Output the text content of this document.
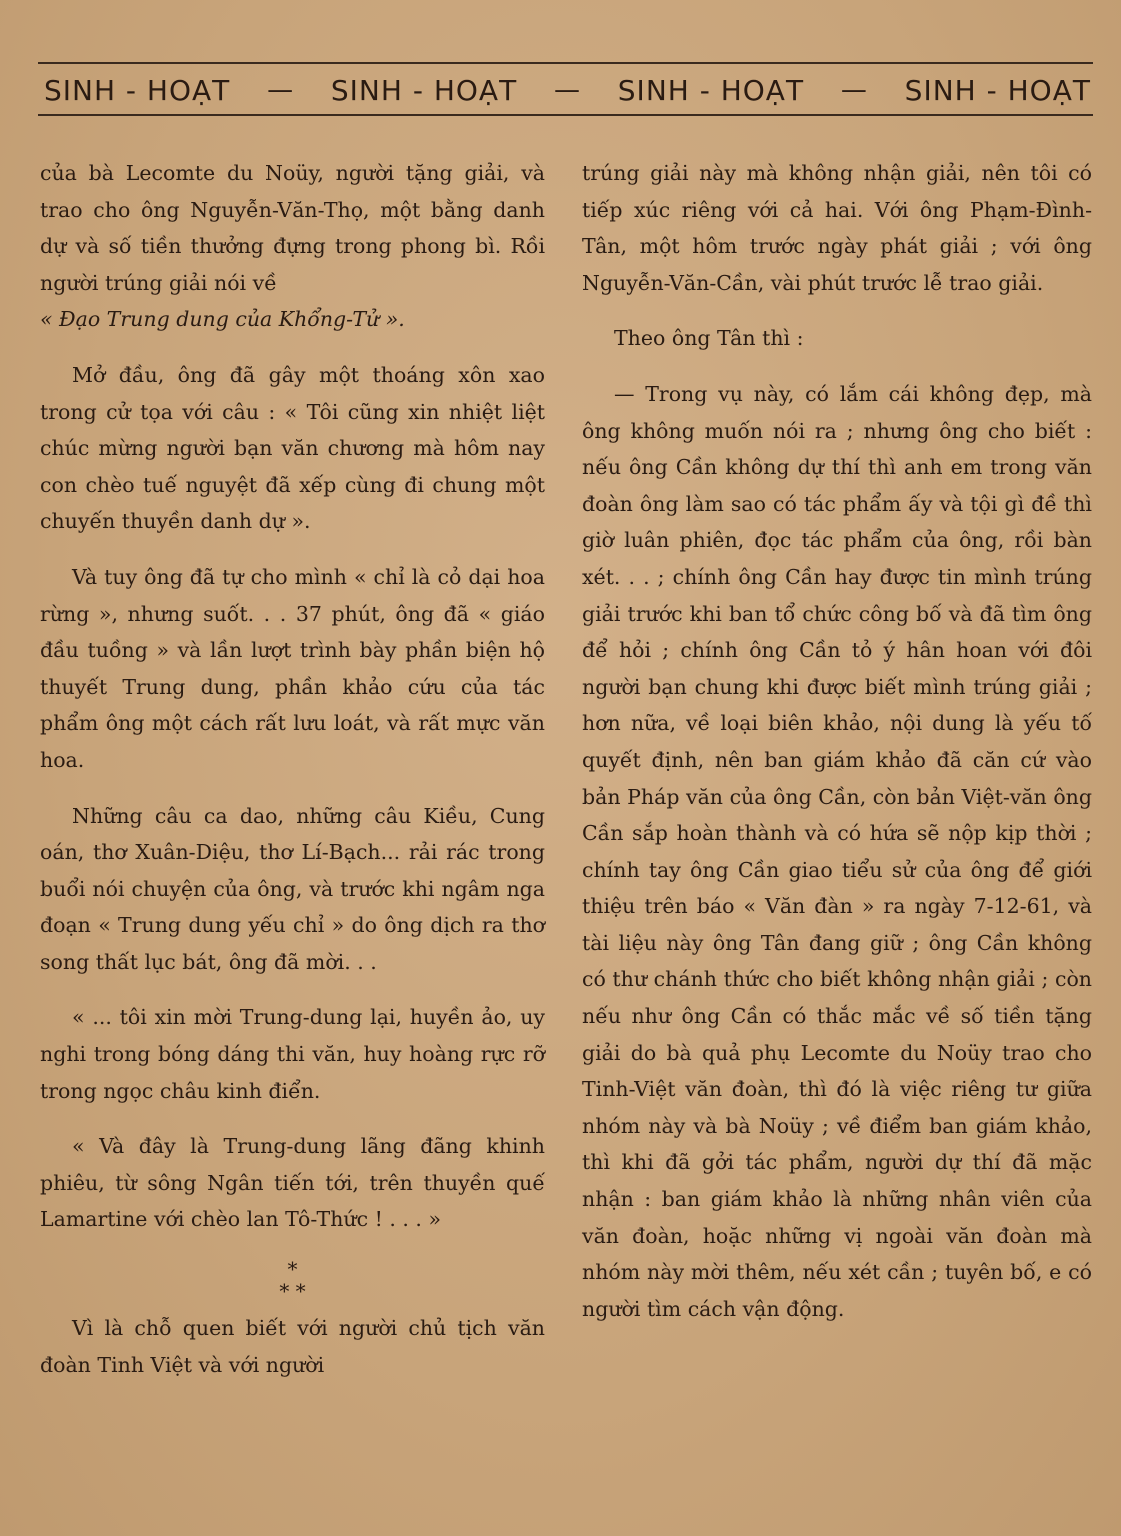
SINH - HOẠT — SINH - HOẠT — SINH - HOẠT — SINH - HOẠT

của bà Lecomte du Noüy, người tặng giải, và trao cho ông Nguyễn-Văn-Thọ, một bằng danh dự và số tiền thưởng đựng trong phong bì. Rồi người trúng giải nói về
« Đạo Trung dung của Khổng-Tử ».

Mở đầu, ông đã gây một thoáng xôn xao trong cử tọa với câu : « Tôi cũng xin nhiệt liệt chúc mừng người bạn văn chương mà hôm nay con chèo tuế nguyệt đã xếp cùng đi chung một chuyến thuyền danh dự ».

Và tuy ông đã tự cho mình « chỉ là cỏ dại hoa rừng », nhưng suốt. . . 37 phút, ông đã « giáo đầu tuồng » và lần lượt trình bày phần biện hộ thuyết Trung dung, phần khảo cứu của tác phẩm ông một cách rất lưu loát, và rất mực văn hoa.

Những câu ca dao, những câu Kiều, Cung oán, thơ Xuân-Diệu, thơ Lí-Bạch... rải rác trong buổi nói chuyện của ông, và trước khi ngâm nga đoạn « Trung dung yếu chỉ » do ông dịch ra thơ song thất lục bát, ông đã mời. . .

« ... tôi xin mời Trung-dung lại, huyền ảo, uy nghi trong bóng dáng thi văn, huy hoàng rực rỡ trong ngọc châu kinh điển.

« Và đây là Trung-dung lãng đãng khinh phiêu, từ sông Ngân tiến tới, trên thuyền quế Lamartine với chèo lan Tô-Thức ! . . . »

*
* *

Vì là chỗ quen biết với người chủ tịch văn đoàn Tinh Việt và với người

trúng giải này mà không nhận giải, nên tôi có tiếp xúc riêng với cả hai. Với ông Phạm-Đình-Tân, một hôm trước ngày phát giải ; với ông Nguyễn-Văn-Cần, vài phút trước lễ trao giải.

Theo ông Tân thì :

— Trong vụ này, có lắm cái không đẹp, mà ông không muốn nói ra ; nhưng ông cho biết : nếu ông Cần không dự thí thì anh em trong văn đoàn ông làm sao có tác phẩm ấy và tội gì đề thì giờ luân phiên, đọc tác phẩm của ông, rồi bàn xét. . . ; chính ông Cần hay được tin mình trúng giải trước khi ban tổ chức công bố và đã tìm ông để hỏi ; chính ông Cần tỏ ý hân hoan với đôi người bạn chung khi được biết mình trúng giải ; hơn nữa, về loại biên khảo, nội dung là yếu tố quyết định, nên ban giám khảo đã căn cứ vào bản Pháp văn của ông Cần, còn bản Việt-văn ông Cần sắp hoàn thành và có hứa sẽ nộp kịp thời ; chính tay ông Cần giao tiểu sử của ông để giới thiệu trên báo « Văn đàn » ra ngày 7-12-61, và tài liệu này ông Tân đang giữ ; ông Cần không có thư chánh thức cho biết không nhận giải ; còn nếu như ông Cần có thắc mắc về số tiền tặng giải do bà quả phụ Lecomte du Noüy trao cho Tinh-Việt văn đoàn, thì đó là việc riêng tư giữa nhóm này và bà Noüy ; về điểm ban giám khảo, thì khi đã gởi tác phẩm, người dự thí đã mặc nhận : ban giám khảo là những nhân viên của văn đoàn, hoặc những vị ngoài văn đoàn mà nhóm này mời thêm, nếu xét cần ; tuyên bố, e có người tìm cách vận động.
